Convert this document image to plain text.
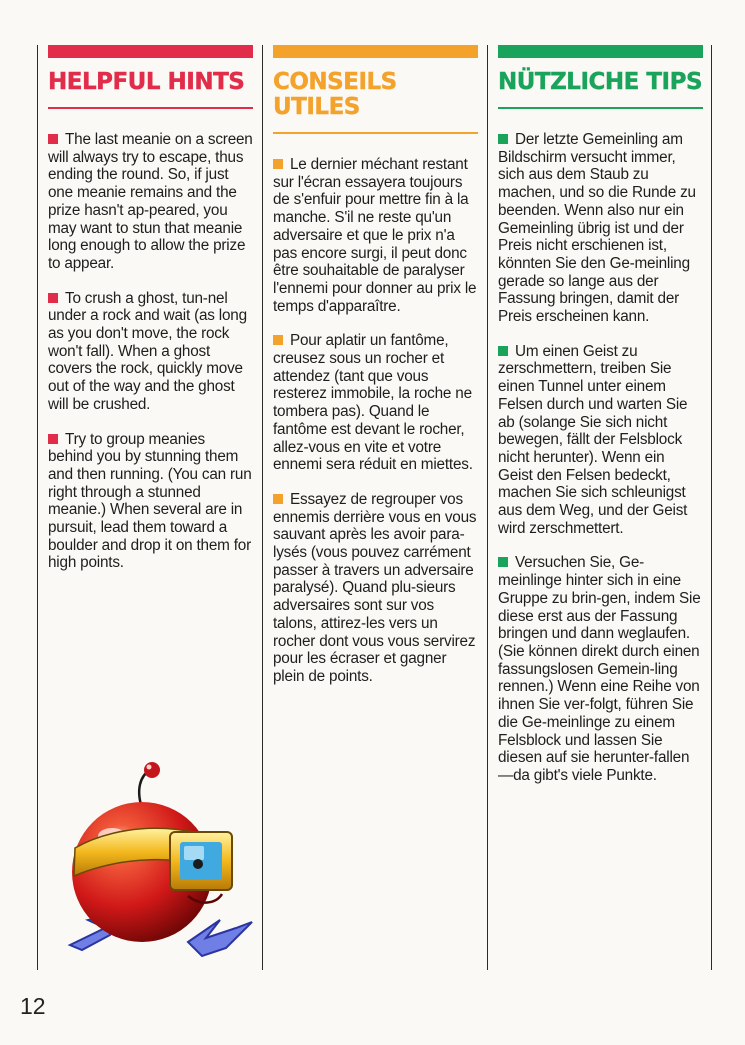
HELPFUL HINTS

The last meanie on a screen will always try to escape, thus ending the round. So, if just one meanie remains and the prize hasn't ap-peared, you may want to stun that meanie long enough to allow the prize to appear.

To crush a ghost, tun-nel under a rock and wait (as long as you don't move, the rock won't fall). When a ghost covers the rock, quickly move out of the way and the ghost will be crushed.

Try to group meanies behind you by stunning them and then running. (You can run right through a stunned meanie.) When several are in pursuit, lead them toward a boulder and drop it on them for high points.

CONSEILS UTILES

Le dernier méchant restant sur l'écran essayera toujours de s'enfuir pour mettre fin à la manche. S'il ne reste qu'un adversaire et que le prix n'a pas encore surgi, il peut donc être souhaitable de paralyser l'ennemi pour donner au prix le temps d'apparaître.

Pour aplatir un fantôme, creusez sous un rocher et attendez (tant que vous resterez immobile, la roche ne tombera pas). Quand le fantôme est devant le rocher, allez-vous en vite et votre ennemi sera réduit en miettes.

Essayez de regrouper vos ennemis derrière vous en vous sauvant après les avoir para-lysés (vous pouvez carrément passer à travers un adversaire paralysé). Quand plu-sieurs adversaires sont sur vos talons, attirez-les vers un rocher dont vous vous servirez pour les écraser et gagner plein de points.

NÜTZLICHE TIPS

Der letzte Gemeinling am Bildschirm versucht immer, sich aus dem Staub zu machen, und so die Runde zu beenden. Wenn also nur ein Gemeinling übrig ist und der Preis nicht erschienen ist, könnten Sie den Ge-meinling gerade so lange aus der Fassung bringen, damit der Preis erscheinen kann.

Um einen Geist zu zerschmettern, treiben Sie einen Tunnel unter einem Felsen durch und warten Sie ab (solange Sie sich nicht bewegen, fällt der Felsblock nicht herunter). Wenn ein Geist den Felsen bedeckt, machen Sie sich schleunigst aus dem Weg, und der Geist wird zerschmettert.

Versuchen Sie, Ge-meinlinge hinter sich in eine Gruppe zu brin-gen, indem Sie diese erst aus der Fassung bringen und dann weglaufen. (Sie können direkt durch einen fassungslosen Gemein-ling rennen.) Wenn eine Reihe von ihnen Sie ver-folgt, führen Sie die Ge-meinlinge zu einem Felsblock und lassen Sie diesen auf sie herunter-fallen—da gibt's viele Punkte.

12
